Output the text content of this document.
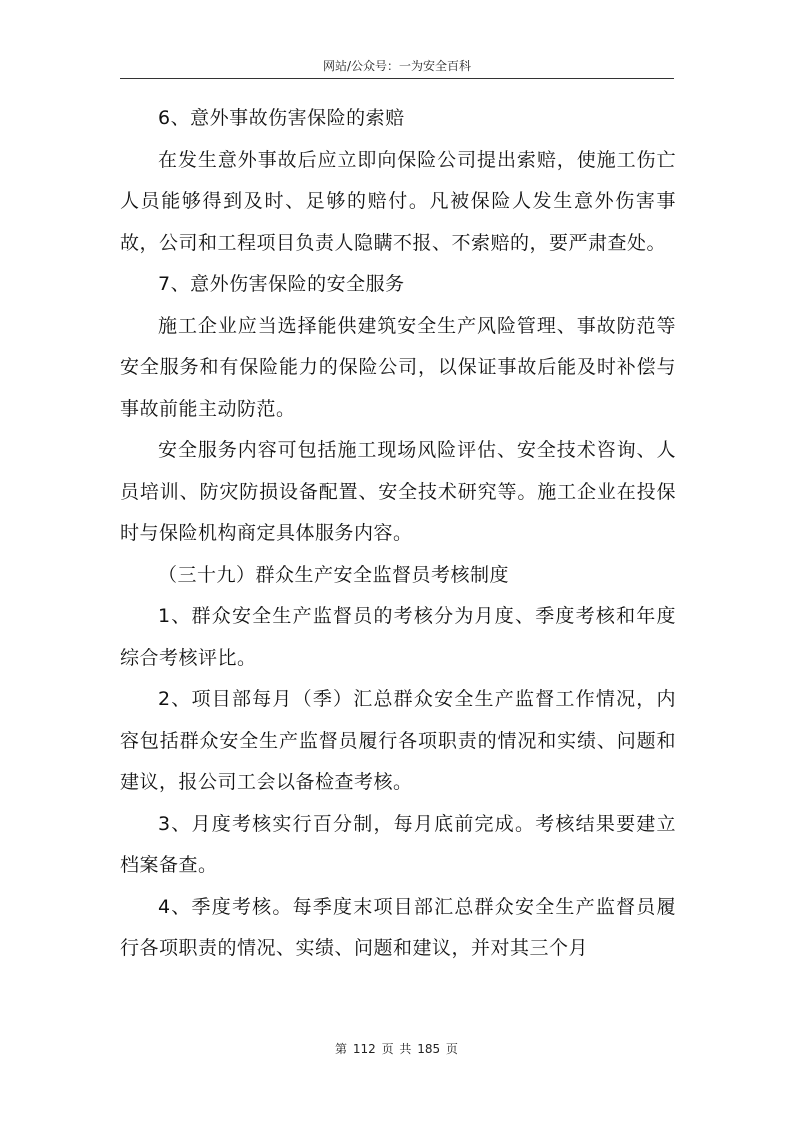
网站/公众号：一为安全百科

6、意外事故伤害保险的索赔

在发生意外事故后应立即向保险公司提出索赔，使施工伤亡人员能够得到及时、足够的赔付。凡被保险人发生意外伤害事故，公司和工程项目负责人隐瞒不报、不索赔的，要严肃查处。

7、意外伤害保险的安全服务

施工企业应当选择能供建筑安全生产风险管理、事故防范等安全服务和有保险能力的保险公司，以保证事故后能及时补偿与事故前能主动防范。

安全服务内容可包括施工现场风险评估、安全技术咨询、人员培训、防灾防损设备配置、安全技术研究等。施工企业在投保时与保险机构商定具体服务内容。

（三十九）群众生产安全监督员考核制度

1、群众安全生产监督员的考核分为月度、季度考核和年度综合考核评比。

2、项目部每月（季）汇总群众安全生产监督工作情况，内容包括群众安全生产监督员履行各项职责的情况和实绩、问题和建议，报公司工会以备检查考核。

3、月度考核实行百分制，每月底前完成。考核结果要建立档案备查。

4、季度考核。每季度末项目部汇总群众安全生产监督员履行各项职责的情况、实绩、问题和建议，并对其三个月

第 112 页 共 185 页
